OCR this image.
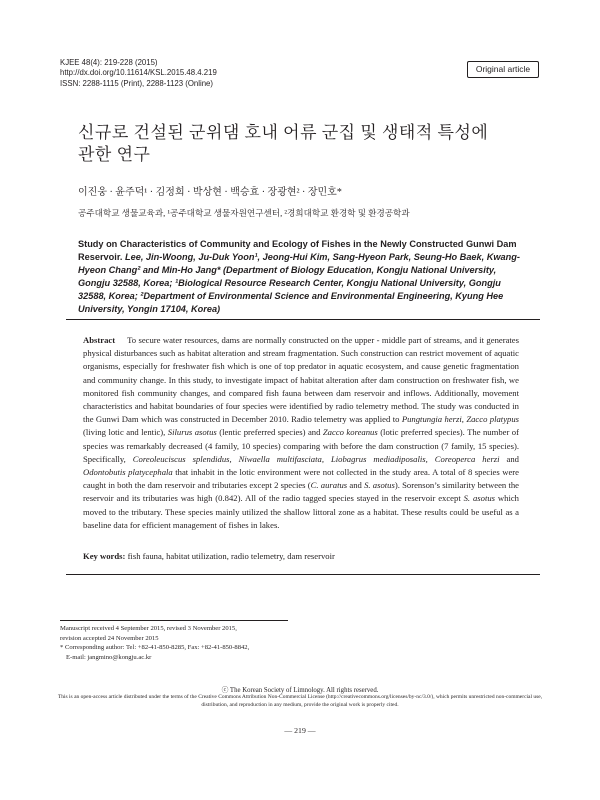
KJEE 48(4): 219-228 (2015)
http://dx.doi.org/10.11614/KSL.2015.48.4.219
ISSN: 2288-1115 (Print), 2288-1123 (Online)
Original article
신규로 건설된 군위댐 호내 어류 군집 및 생태적 특성에 관한 연구
이진웅 · 윤주덕¹ · 김정희 · 박상현 · 백승효 · 장광현² · 장민호*
공주대학교 생물교육과, ¹공주대학교 생물자원연구센터, ²경희대학교 환경학 및 환경공학과
Study on Characteristics of Community and Ecology of Fishes in the Newly Constructed Gunwi Dam Reservoir. Lee, Jin-Woong, Ju-Duk Yoon¹, Jeong-Hui Kim, Sang-Hyeon Park, Seung-Ho Baek, Kwang-Hyeon Chang² and Min-Ho Jang* (Department of Biology Education, Kongju National University, Gongju 32588, Korea; ¹Biological Resource Research Center, Kongju National University, Gongju 32588, Korea; ²Department of Environmental Science and Environmental Engineering, Kyung Hee University, Yongin 17104, Korea)
Abstract To secure water resources, dams are normally constructed on the upper - middle part of streams, and it generates physical disturbances such as habitat alteration and stream fragmentation. Such construction can restrict movement of aquatic organisms, especially for freshwater fish which is one of top predator in aquatic ecosystem, and cause genetic fragmentation and community change. In this study, to investigate impact of habitat alteration after dam construction on freshwater fish, we monitored fish community changes, and compared fish fauna between dam reservoir and inflows. Additionally, movement characteristics and habitat boundaries of four species were identified by radio telemetry method. The study was conducted in the Gunwi Dam which was constructed in December 2010. Radio telemetry was applied to Pungtungia herzi, Zacco platypus (living lotic and lentic), Silurus asotus (lentic preferred species) and Zacco koreanus (lotic preferred species). The number of species was remarkably decreased (4 family, 10 species) comparing with before the dam construction (7 family, 15 species). Specifically, Coreoleuciscus splendidus, Niwaella multifasciata, Liobagrus mediadiposalis, Coreoperca herzi and Odontobutis platycephala that inhabit in the lotic environment were not collected in the study area. A total of 8 species were caught in both the dam reservoir and tributaries except 2 species (C. auratus and S. asotus). Sorenson’s similarity between the reservoir and its tributaries was high (0.842). All of the radio tagged species stayed in the reservoir except S. asotus which moved to the tributary. These species mainly utilized the shallow littoral zone as a habitat. These results could be useful as a baseline data for efficient management of fishes in lakes.
Key words: fish fauna, habitat utilization, radio telemetry, dam reservoir
Manuscript received 4 September 2015, revised 3 November 2015,
revision accepted 24 November 2015
* Corresponding author: Tel: +82-41-850-8285, Fax: +82-41-850-8842,
E-mail: jangmino@kongju.ac.kr
ⓒ The Korean Society of Limnology. All rights reserved.
This is an open-access article distributed under the terms of the Creative Commons Attribution Non-Commercial License (http://creativecommons.org/licenses/by-nc/3.0/), which permits unrestricted non-commercial use, distribution, and reproduction in any medium, provide the original work is properly cited.
— 219 —
